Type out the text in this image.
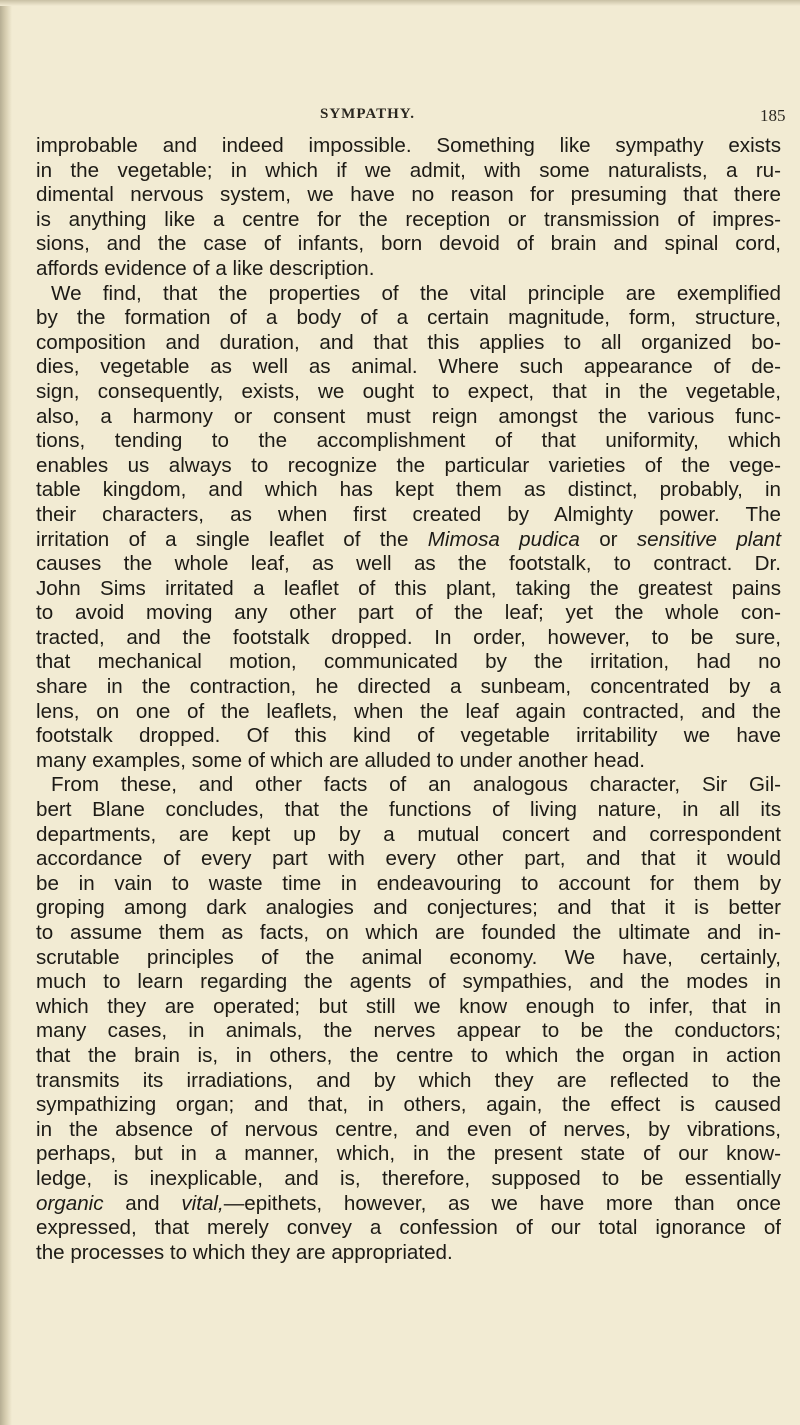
SYMPATHY.	185
improbable and indeed impossible. Something like sympathy exists
in the vegetable; in which if we admit, with some naturalists, a ru-
dimental nervous system, we have no reason for presuming that there
is anything like a centre for the reception or transmission of impres-
sions, and the case of infants, born devoid of brain and spinal cord,
affords evidence of a like description.
We find, that the properties of the vital principle are exemplified
by the formation of a body of a certain magnitude, form, structure,
composition and duration, and that this applies to all organized bo-
dies, vegetable as well as animal. Where such appearance of de-
sign, consequently, exists, we ought to expect, that in the vegetable,
also, a harmony or consent must reign amongst the various func-
tions, tending to the accomplishment of that uniformity, which
enables us always to recognize the particular varieties of the vege-
table kingdom, and which has kept them as distinct, probably, in
their characters, as when first created by Almighty power. The
irritation of a single leaflet of the Mimosa pudica or sensitive plant
causes the whole leaf, as well as the footstalk, to contract. Dr.
John Sims irritated a leaflet of this plant, taking the greatest pains
to avoid moving any other part of the leaf; yet the whole con-
tracted, and the footstalk dropped. In order, however, to be sure,
that mechanical motion, communicated by the irritation, had no
share in the contraction, he directed a sunbeam, concentrated by a
lens, on one of the leaflets, when the leaf again contracted, and the
footstalk dropped. Of this kind of vegetable irritability we have
many examples, some of which are alluded to under another head.
From these, and other facts of an analogous character, Sir Gil-
bert Blane concludes, that the functions of living nature, in all its
departments, are kept up by a mutual concert and correspondent
accordance of every part with every other part, and that it would
be in vain to waste time in endeavouring to account for them by
groping among dark analogies and conjectures; and that it is better
to assume them as facts, on which are founded the ultimate and in-
scrutable principles of the animal economy. We have, certainly,
much to learn regarding the agents of sympathies, and the modes in
which they are operated; but still we know enough to infer, that in
many cases, in animals, the nerves appear to be the conductors;
that the brain is, in others, the centre to which the organ in action
transmits its irradiations, and by which they are reflected to the
sympathizing organ; and that, in others, again, the effect is caused
in the absence of nervous centre, and even of nerves, by vibrations,
perhaps, but in a manner, which, in the present state of our know-
ledge, is inexplicable, and is, therefore, supposed to be essentially
organic and vital,—epithets, however, as we have more than once
expressed, that merely convey a confession of our total ignorance of
the processes to which they are appropriated.
